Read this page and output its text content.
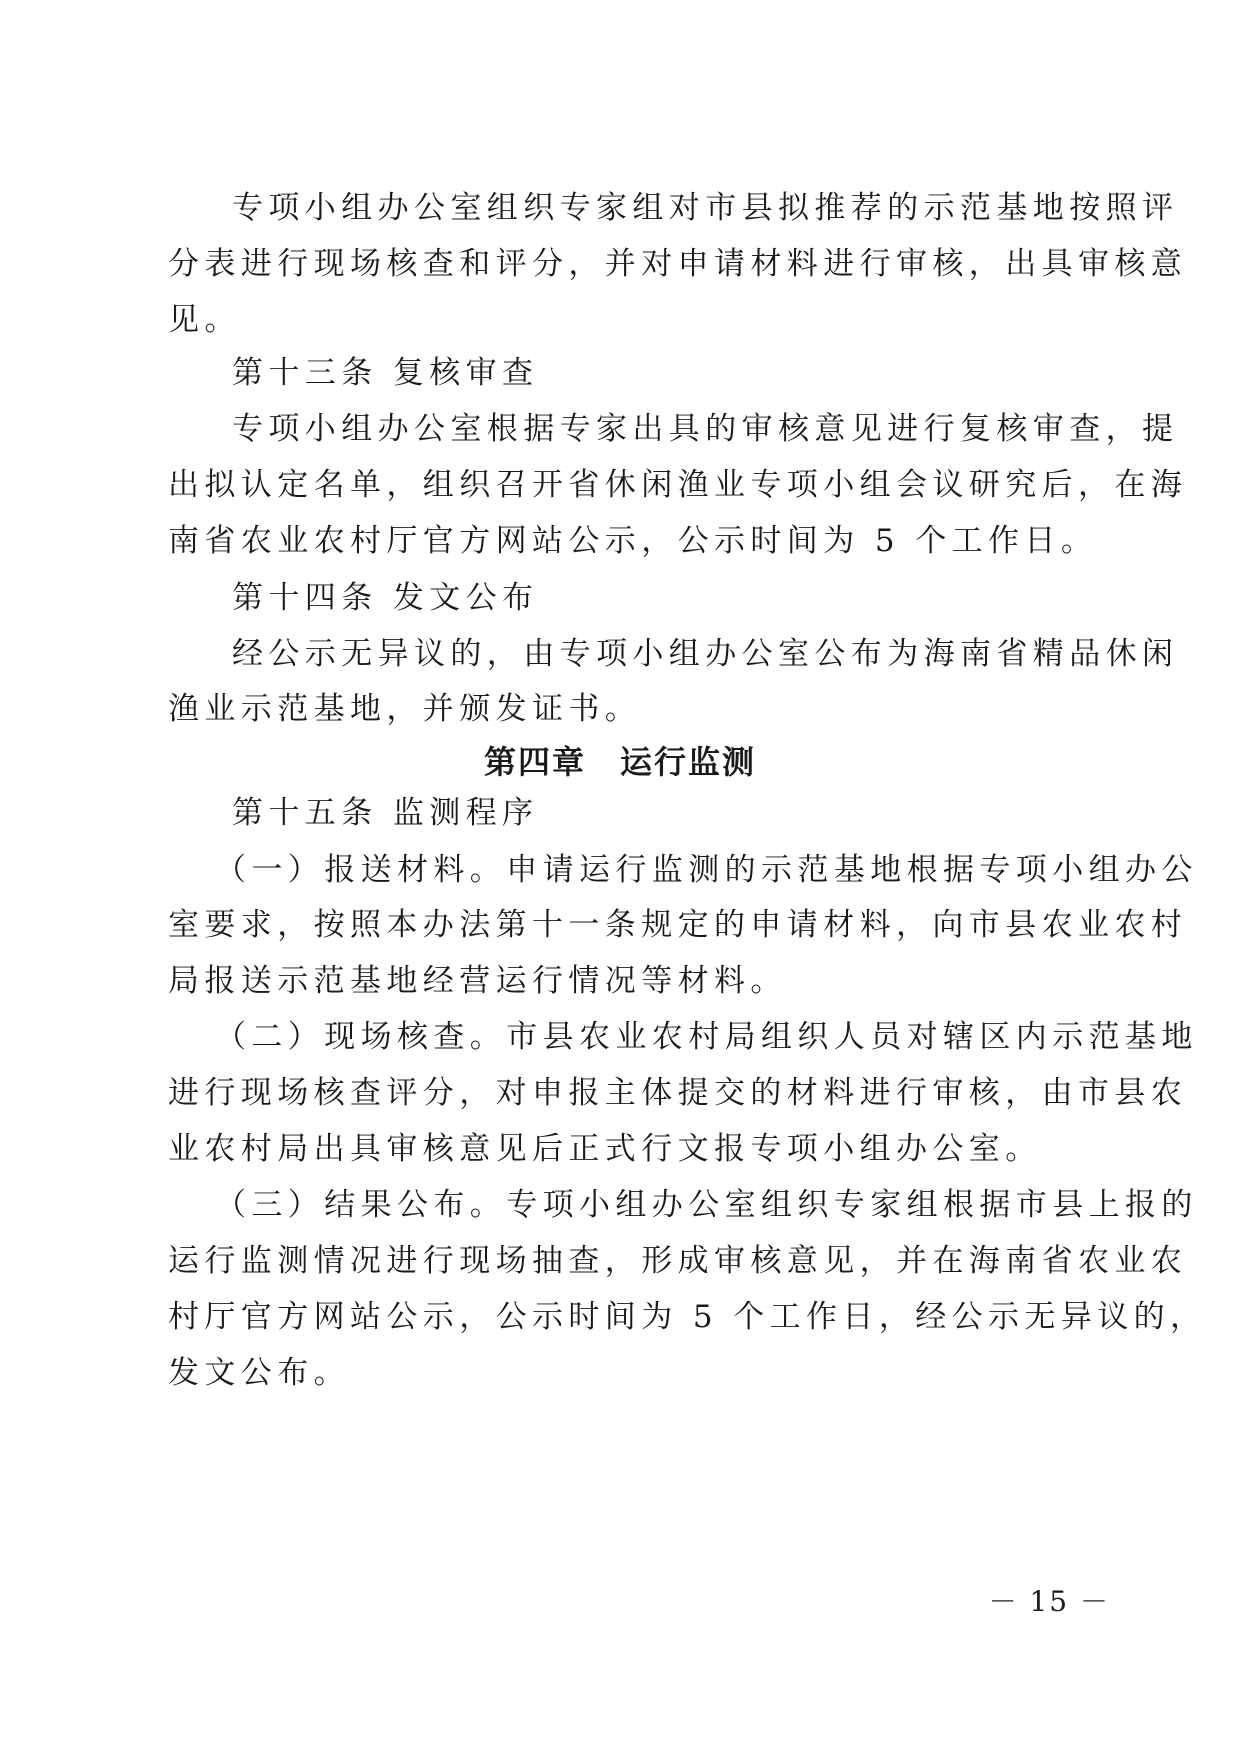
专项小组办公室组织专家组对市县拟推荐的示范基地按照评
分表进行现场核查和评分，并对申请材料进行审核，出具审核意
见。
第十三条 复核审查
专项小组办公室根据专家出具的审核意见进行复核审查，提
出拟认定名单，组织召开省休闲渔业专项小组会议研究后，在海
南省农业农村厅官方网站公示，公示时间为 5 个工作日。
第十四条 发文公布
经公示无异议的，由专项小组办公室公布为海南省精品休闲
渔业示范基地，并颁发证书。
第四章　运行监测
第十五条 监测程序
（一）报送材料。申请运行监测的示范基地根据专项小组办公
室要求，按照本办法第十一条规定的申请材料，向市县农业农村
局报送示范基地经营运行情况等材料。
（二）现场核查。市县农业农村局组织人员对辖区内示范基地
进行现场核查评分，对申报主体提交的材料进行审核，由市县农
业农村局出具审核意见后正式行文报专项小组办公室。
（三）结果公布。专项小组办公室组织专家组根据市县上报的
运行监测情况进行现场抽查，形成审核意见，并在海南省农业农
村厅官方网站公示，公示时间为 5 个工作日，经公示无异议的，
发文公布。
－ 15 －
